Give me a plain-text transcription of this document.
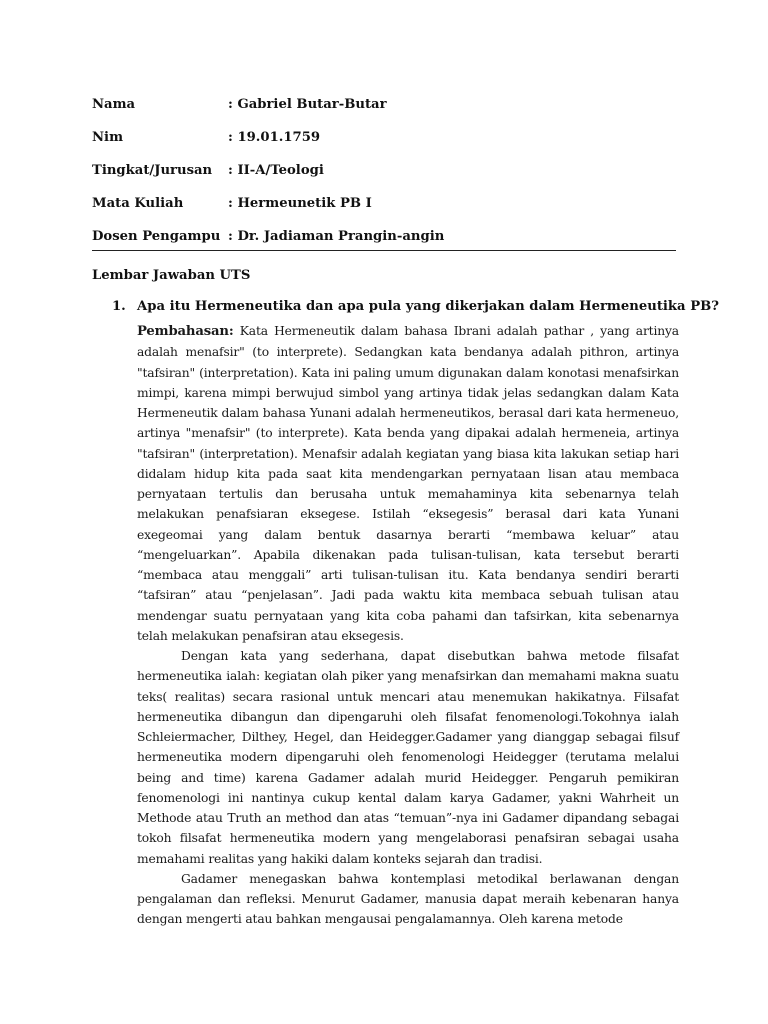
Nama	: Gabriel Butar-Butar
Nim	: 19.01.1759
Tingkat/Jurusan	: II-A/Teologi
Mata Kuliah	: Hermeunetik PB I
Dosen Pengampu : Dr. Jadiaman Prangin-angin
Lembar Jawaban UTS
1. Apa itu Hermeneutika dan apa pula yang dikerjakan dalam Hermeneutika PB?

Pembahasan: Kata Hermeneutik dalam bahasa Ibrani adalah pathar , yang artinya adalah menafsir" (to interprete). Sedangkan kata bendanya adalah pithron, artinya "tafsiran" (interpretation). Kata ini paling umum digunakan dalam konotasi menafsirkan mimpi, karena mimpi berwujud simbol yang artinya tidak jelas sedangkan dalam Kata Hermeneutik dalam bahasa Yunani adalah hermeneutikos, berasal dari kata hermeneuo, artinya "menafsir" (to interprete). Kata benda yang dipakai adalah hermeneia, artinya "tafsiran" (interpretation). Menafsir adalah kegiatan yang biasa kita lakukan setiap hari didalam hidup kita pada saat kita mendengarkan pernyataan lisan atau membaca pernyataan tertulis dan berusaha untuk memahaminya kita sebenarnya telah melakukan penafsiaran eksegese. Istilah “eksegesis” berasal dari kata Yunani exegeomai yang dalam bentuk dasarnya berarti “membawa keluar” atau “mengeluarkan”. Apabila dikenakan pada tulisan-tulisan, kata tersebut berarti “membaca atau menggali” arti tulisan-tulisan itu. Kata bendanya sendiri berarti “tafsiran” atau “penjelasan”. Jadi pada waktu kita membaca sebuah tulisan atau mendengar suatu pernyataan yang kita coba pahami dan tafsirkan, kita sebenarnya telah melakukan penafsiran atau eksegesis.

Dengan kata yang sederhana, dapat disebutkan bahwa metode filsafat hermeneutika ialah: kegiatan olah piker yang menafsirkan dan memahami makna suatu teks( realitas) secara rasional untuk mencari atau menemukan hakikatnya. Filsafat hermeneutika dibangun dan dipengaruhi oleh filsafat fenomenologi.Tokohnya ialah Schleiermacher, Dilthey, Hegel, dan Heidegger.Gadamer yang dianggap sebagai filsuf hermeneutika modern dipengaruhi oleh fenomenologi Heidegger (terutama melalui being and time) karena Gadamer adalah murid Heidegger. Pengaruh pemikiran fenomenologi ini nantinya cukup kental dalam karya Gadamer, yakni Wahrheit un Methode atau Truth an method dan atas “temuan”-nya ini Gadamer dipandang sebagai tokoh filsafat hermeneutika modern yang mengelaborasi penafsiran sebagai usaha memahami realitas yang hakiki dalam konteks sejarah dan tradisi.

Gadamer menegaskan bahwa kontemplasi metodikal berlawanan dengan pengalaman dan refleksi. Menurut Gadamer, manusia dapat meraih kebenaran hanya dengan mengerti atau bahkan mengausai pengalamannya. Oleh karena metode
